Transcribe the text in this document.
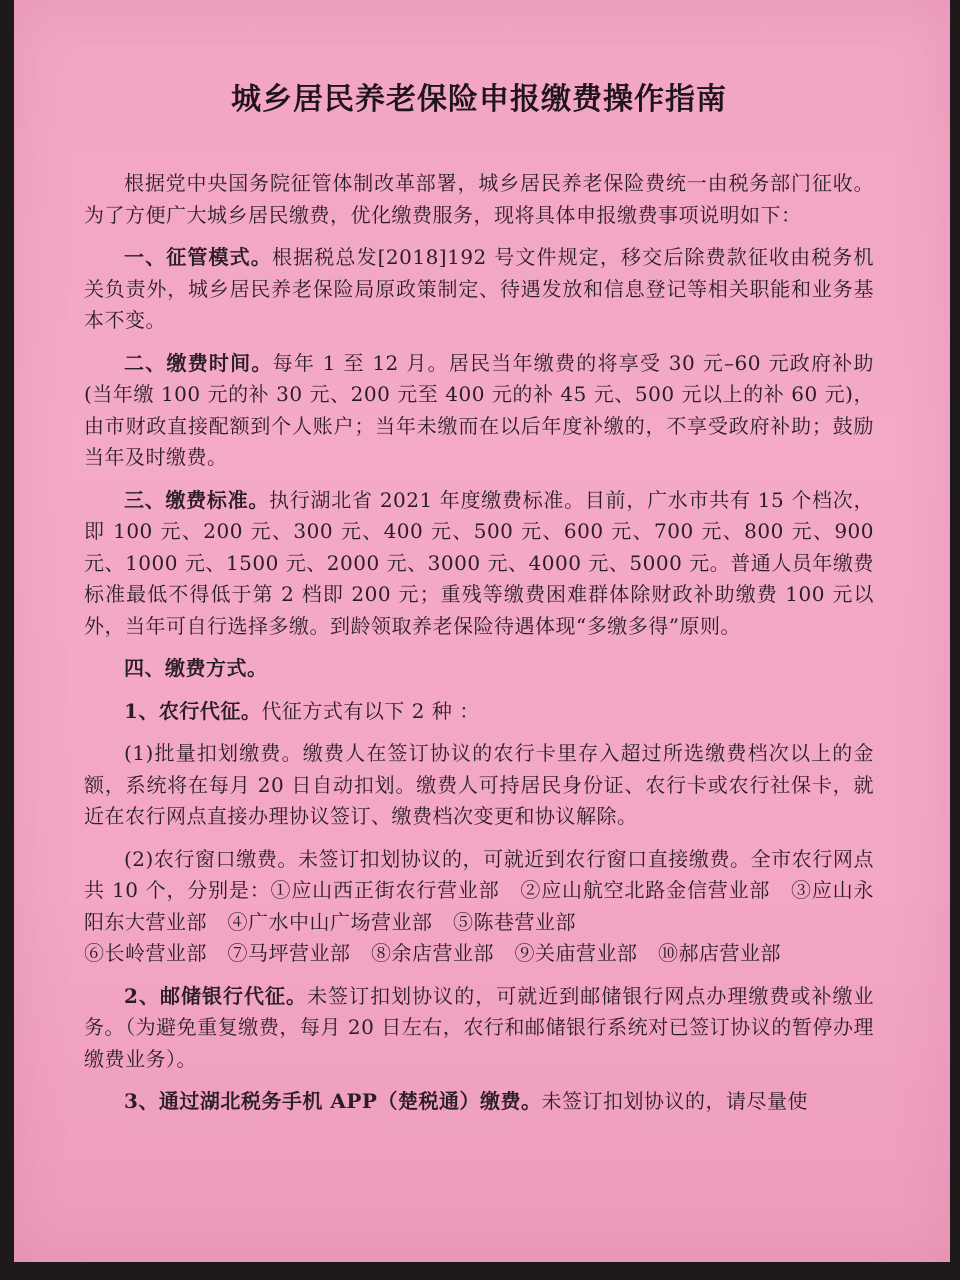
城乡居民养老保险申报缴费操作指南

根据党中央国务院征管体制改革部署，城乡居民养老保险费统一由税务部门征收。为了方便广大城乡居民缴费，优化缴费服务，现将具体申报缴费事项说明如下：

一、征管模式。根据税总发[2018]192 号文件规定，移交后除费款征收由税务机关负责外，城乡居民养老保险局原政策制定、待遇发放和信息登记等相关职能和业务基本不变。

二、缴费时间。每年 1 至 12 月。居民当年缴费的将享受 30 元–60 元政府补助(当年缴 100 元的补 30 元、200 元至 400 元的补 45 元、500 元以上的补 60 元)，由市财政直接配额到个人账户；当年未缴而在以后年度补缴的，不享受政府补助；鼓励当年及时缴费。

三、缴费标准。执行湖北省 2021 年度缴费标准。目前，广水市共有 15 个档次，即 100 元、200 元、300 元、400 元、500 元、600 元、700 元、800 元、900 元、1000 元、1500 元、2000 元、3000 元、4000 元、5000 元。普通人员年缴费标准最低不得低于第 2 档即 200 元；重残等缴费困难群体除财政补助缴费 100 元以外，当年可自行选择多缴。到龄领取养老保险待遇体现“多缴多得”原则。

四、缴费方式。

1、农行代征。代征方式有以下 2 种 ：

(1)批量扣划缴费。缴费人在签订协议的农行卡里存入超过所选缴费档次以上的金额，系统将在每月 20 日自动扣划。缴费人可持居民身份证、农行卡或农行社保卡，就近在农行网点直接办理协议签订、缴费档次变更和协议解除。

(2)农行窗口缴费。未签订扣划协议的，可就近到农行窗口直接缴费。全市农行网点共 10 个，分别是：①应山西正街农行营业部　②应山航空北路金信营业部　③应山永阳东大营业部　④广水中山广场营业部　⑤陈巷营业部
⑥长岭营业部　⑦马坪营业部　⑧余店营业部　⑨关庙营业部　⑩郝店营业部

2、邮储银行代征。未签订扣划协议的，可就近到邮储银行网点办理缴费或补缴业务。（为避免重复缴费，每月 20 日左右，农行和邮储银行系统对已签订协议的暂停办理缴费业务）。

3、通过湖北税务手机 APP（楚税通）缴费。未签订扣划协议的，请尽量使
